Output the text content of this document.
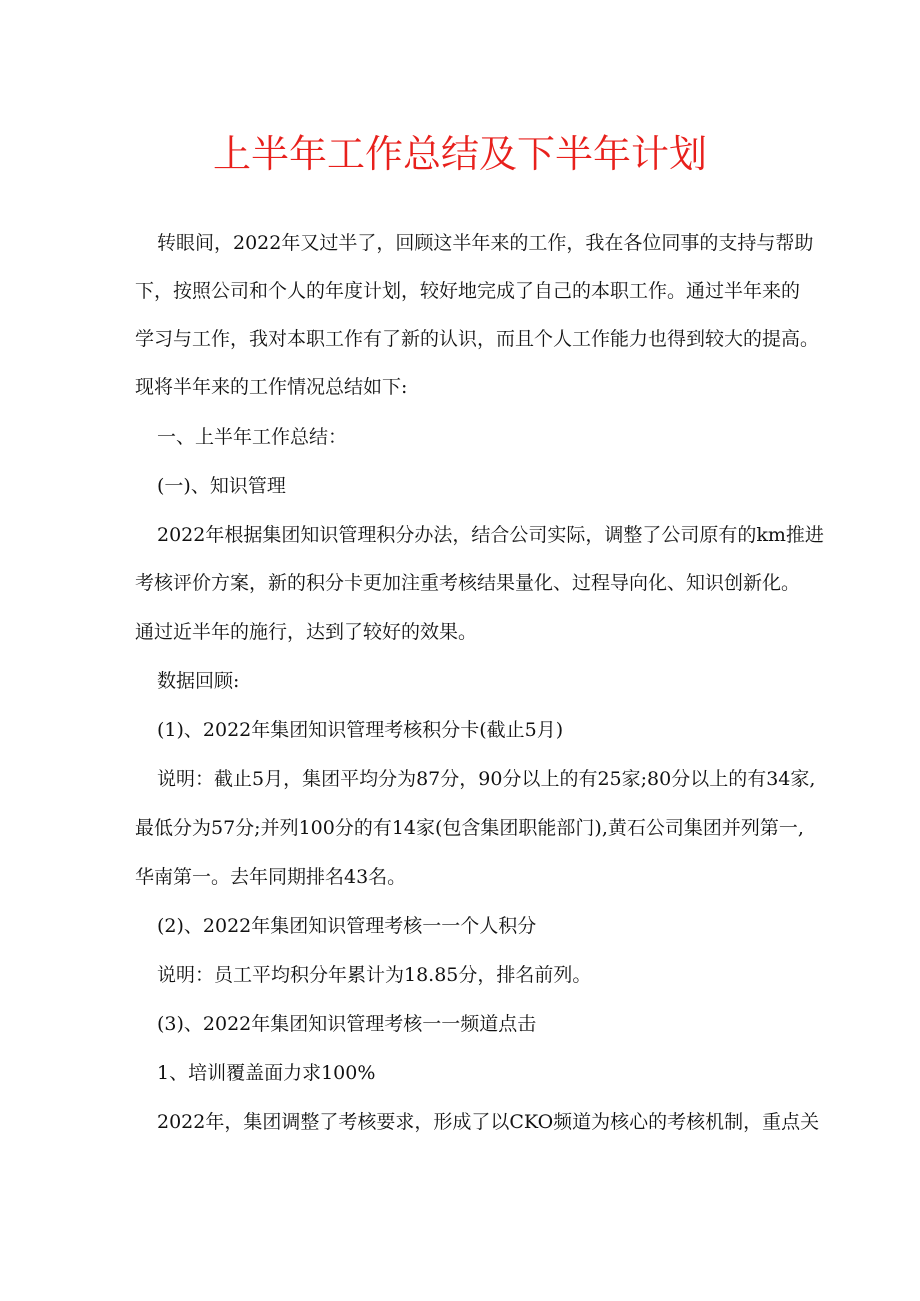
上半年工作总结及下半年计划
转眼间，2022年又过半了，回顾这半年来的工作，我在各位同事的支持与帮助
下，按照公司和个人的年度计划，较好地完成了自己的本职工作。通过半年来的
学习与工作，我对本职工作有了新的认识，而且个人工作能力也得到较大的提高。
现将半年来的工作情况总结如下:
一、上半年工作总结：
(一)、知识管理
2022年根据集团知识管理积分办法，结合公司实际，调整了公司原有的km推进
考核评价方案，新的积分卡更加注重考核结果量化、过程导向化、知识创新化。
通过近半年的施行，达到了较好的效果。
数据回顾:
(1)、2022年集团知识管理考核积分卡(截止5月)
说明：截止5月，集团平均分为87分，90分以上的有25家;80分以上的有34家,
最低分为57分;并列100分的有14家(包含集团职能部门),黄石公司集团并列第一,
华南第一。去年同期排名43名。
(2)、2022年集团知识管理考核一一个人积分
说明：员工平均积分年累计为18.85分，排名前列。
(3)、2022年集团知识管理考核一一频道点击
1、培训覆盖面力求100%
2022年，集团调整了考核要求，形成了以CKO频道为核心的考核机制，重点关
